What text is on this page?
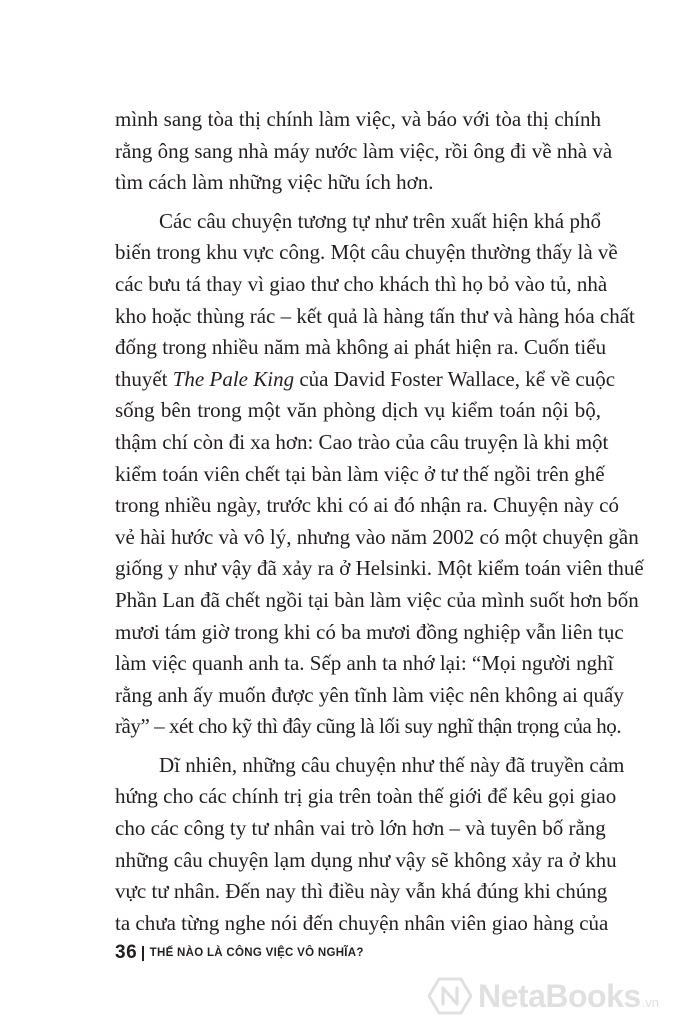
mình sang tòa thị chính làm việc, và báo với tòa thị chính
rằng ông sang nhà máy nước làm việc, rồi ông đi về nhà và
tìm cách làm những việc hữu ích hơn.
Các câu chuyện tương tự như trên xuất hiện khá phổ
biến trong khu vực công. Một câu chuyện thường thấy là về
các bưu tá thay vì giao thư cho khách thì họ bỏ vào tủ, nhà
kho hoặc thùng rác – kết quả là hàng tấn thư và hàng hóa chất
đống trong nhiều năm mà không ai phát hiện ra. Cuốn tiểu
thuyết The Pale King của David Foster Wallace, kể về cuộc
sống bên trong một văn phòng dịch vụ kiểm toán nội bộ,
thậm chí còn đi xa hơn: Cao trào của câu truyện là khi một
kiểm toán viên chết tại bàn làm việc ở tư thế ngồi trên ghế
trong nhiều ngày, trước khi có ai đó nhận ra. Chuyện này có
vẻ hài hước và vô lý, nhưng vào năm 2002 có một chuyện gần
giống y như vậy đã xảy ra ở Helsinki. Một kiểm toán viên thuế
Phần Lan đã chết ngồi tại bàn làm việc của mình suốt hơn bốn
mươi tám giờ trong khi có ba mươi đồng nghiệp vẫn liên tục
làm việc quanh anh ta. Sếp anh ta nhớ lại: “Mọi người nghĩ
rằng anh ấy muốn được yên tĩnh làm việc nên không ai quấy
rầy” – xét cho kỹ thì đây cũng là lối suy nghĩ thận trọng của họ.
Dĩ nhiên, những câu chuyện như thế này đã truyền cảm
hứng cho các chính trị gia trên toàn thế giới để kêu gọi giao
cho các công ty tư nhân vai trò lớn hơn – và tuyên bố rằng
những câu chuyện lạm dụng như vậy sẽ không xảy ra ở khu
vực tư nhân. Đến nay thì điều này vẫn khá đúng khi chúng
ta chưa từng nghe nói đến chuyện nhân viên giao hàng của
36 THẾ NÀO LÀ CÔNG VIỆC VÔ NGHĨA?
NetaBooks .vn
